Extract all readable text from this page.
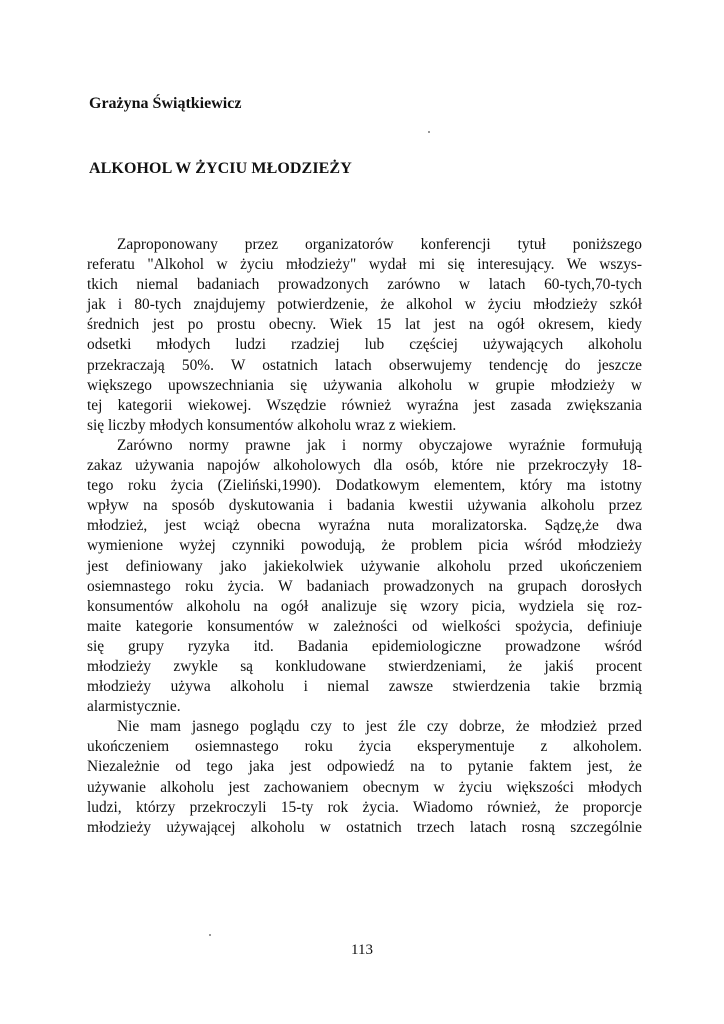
Grażyna Świątkiewicz

ALKOHOL W ŻYCIU MŁODZIEŻY
Zaproponowany przez organizatorów konferencji tytuł poniższego
referatu "Alkohol w życiu młodzieży" wydał mi się interesujący. We wszys-
tkich niemal badaniach prowadzonych zarówno w latach 60-tych,70-tych
jak i 80-tych znajdujemy potwierdzenie, że alkohol w życiu młodzieży szkół
średnich jest po prostu obecny. Wiek 15 lat jest na ogół okresem, kiedy
odsetki młodych ludzi rzadziej lub częściej używających alkoholu
przekraczają 50%. W ostatnich latach obserwujemy tendencję do jeszcze
większego upowszechniania się używania alkoholu w grupie młodzieży w
tej kategorii wiekowej. Wszędzie również wyraźna jest zasada zwiększania
się liczby młodych konsumentów alkoholu wraz z wiekiem.
Zarówno normy prawne jak i normy obyczajowe wyraźnie formułują
zakaz używania napojów alkoholowych dla osób, które nie przekroczyły 18-
tego roku życia (Zieliński,1990). Dodatkowym elementem, który ma istotny
wpływ na sposób dyskutowania i badania kwestii używania alkoholu przez
młodzież, jest wciąż obecna wyraźna nuta moralizatorska. Sądzę,że dwa
wymienione wyżej czynniki powodują, że problem picia wśród młodzieży
jest definiowany jako jakiekolwiek używanie alkoholu przed ukończeniem
osiemnastego roku życia. W badaniach prowadzonych na grupach dorosłych
konsumentów alkoholu na ogół analizuje się wzory picia, wydziela się roz-
maite kategorie konsumentów w zależności od wielkości spożycia, definiuje
się grupy ryzyka itd. Badania epidemiologiczne prowadzone wśród
młodzieży zwykle są konkludowane stwierdzeniami, że jakiś procent
młodzieży używa alkoholu i niemal zawsze stwierdzenia takie brzmią
alarmistycznie.
Nie mam jasnego poglądu czy to jest źle czy dobrze, że młodzież przed
ukończeniem osiemnastego roku życia eksperymentuje z alkoholem.
Niezależnie od tego jaka jest odpowiedź na to pytanie faktem jest, że
używanie alkoholu jest zachowaniem obecnym w życiu większości młodych
ludzi, którzy przekroczyli 15-ty rok życia. Wiadomo również, że proporcje
młodzieży używającej alkoholu w ostatnich trzech latach rosną szczególnie

113
